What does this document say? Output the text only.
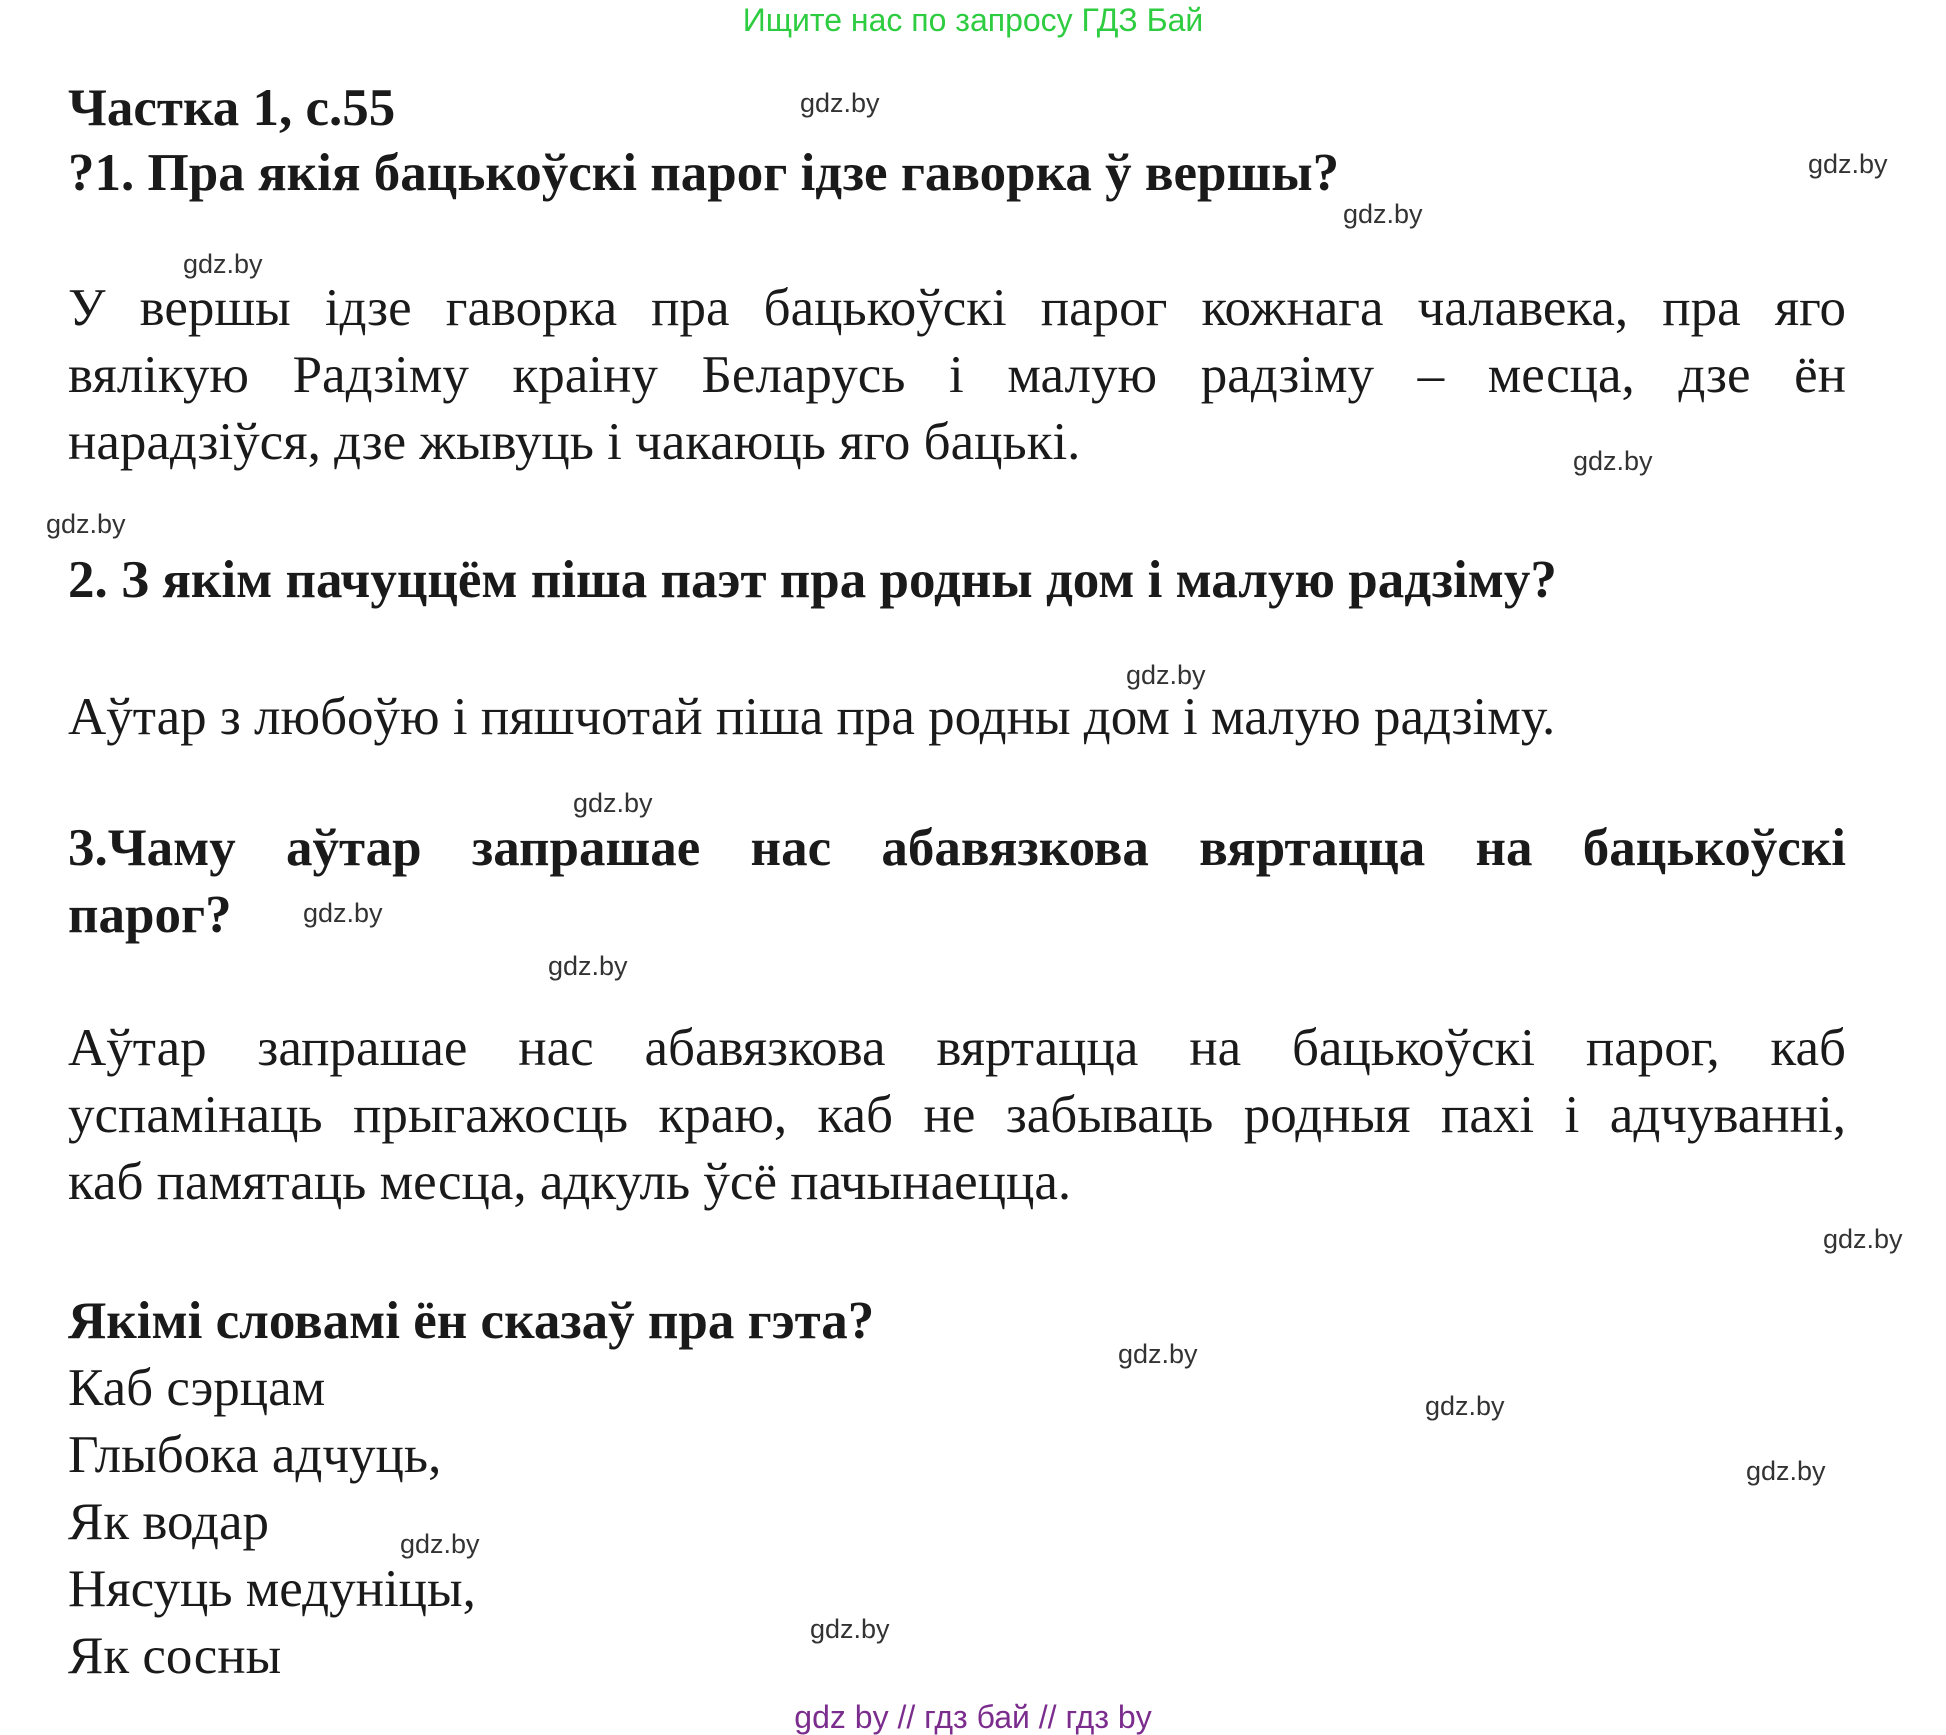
Ищите нас по запросу ГДЗ Бай
Частка 1, с.55

?1. Пра якія бацькоўскі парог ідзе гаворка ў вершы?

У вершы ідзе гаворка пра бацькоўскі парог кожнага чалавека, пра яго
вялікую Радзіму краіну Беларусь і малую радзіму – месца, дзе ён
нарадзіўся, дзе жывуць і чакаюць яго бацькі.

2. З якім пачуццём піша паэт пра родны дом і малую радзіму?

Аўтар з любоўю і пяшчотай піша пра родны дом і малую радзіму.

3.Чаму аўтар запрашае нас абавязкова вяртацца на бацькоўскі
парог?
Аўтар запрашае нас абавязкова вяртацца на бацькоўскі парог, каб
успамінаць прыгажосць краю, каб не забываць родныя пахі і адчуванні,
каб памятаць месца, адкуль ўсё пачынаецца.

Якімі словамі ён сказаў пра гэта?

Каб сэрцам
Глыбока адчуць,
Як водар
Нясуць медуніцы,
Як сосны
gdz.by
gdz.by
gdz.by
gdz.by
gdz.by
gdz.by
gdz.by
gdz.by
gdz.by
gdz.by
gdz.by
gdz.by
gdz.by
gdz.by
gdz.by
gdz.by
gdz by // гдз бай // гдз by
